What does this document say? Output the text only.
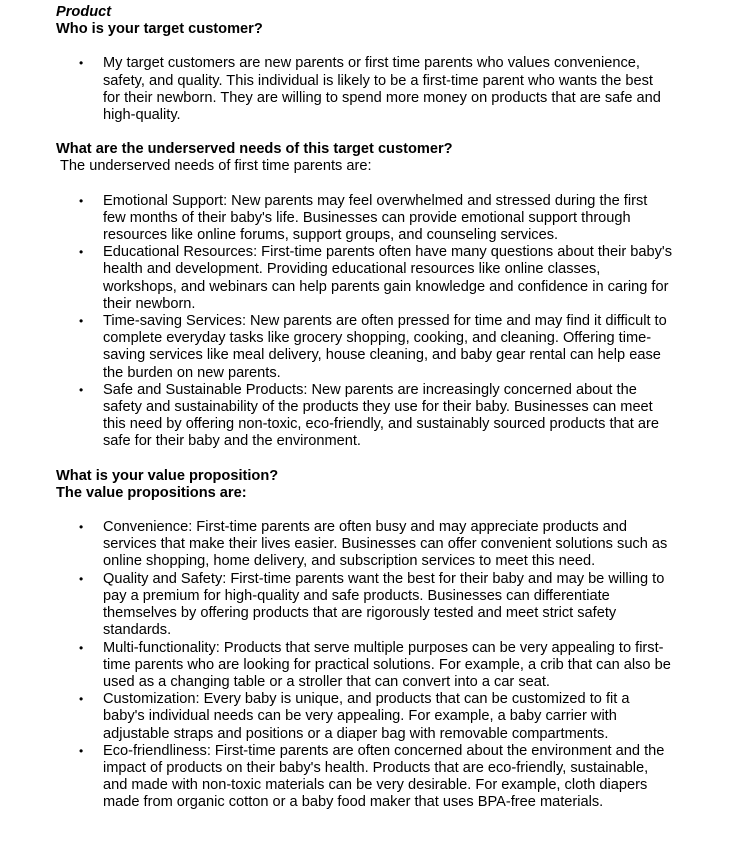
Product

Who is your target customer?

• My target customers are new parents or first time parents who values convenience, safety, and quality. This individual is likely to be a first-time parent who wants the best for their newborn. They are willing to spend more money on products that are safe and high-quality.

What are the underserved needs of this target customer?

The underserved needs of first time parents are:

• Emotional Support: New parents may feel overwhelmed and stressed during the first few months of their baby's life. Businesses can provide emotional support through resources like online forums, support groups, and counseling services.
• Educational Resources: First-time parents often have many questions about their baby's health and development. Providing educational resources like online classes, workshops, and webinars can help parents gain knowledge and confidence in caring for their newborn.
• Time-saving Services: New parents are often pressed for time and may find it difficult to complete everyday tasks like grocery shopping, cooking, and cleaning. Offering time-saving services like meal delivery, house cleaning, and baby gear rental can help ease the burden on new parents.
• Safe and Sustainable Products: New parents are increasingly concerned about the safety and sustainability of the products they use for their baby. Businesses can meet this need by offering non-toxic, eco-friendly, and sustainably sourced products that are safe for their baby and the environment.

What is your value proposition?

The value propositions are:

• Convenience: First-time parents are often busy and may appreciate products and services that make their lives easier. Businesses can offer convenient solutions such as online shopping, home delivery, and subscription services to meet this need.
• Quality and Safety: First-time parents want the best for their baby and may be willing to pay a premium for high-quality and safe products. Businesses can differentiate themselves by offering products that are rigorously tested and meet strict safety standards.
• Multi-functionality: Products that serve multiple purposes can be very appealing to first-time parents who are looking for practical solutions. For example, a crib that can also be used as a changing table or a stroller that can convert into a car seat.
• Customization: Every baby is unique, and products that can be customized to fit a baby's individual needs can be very appealing. For example, a baby carrier with adjustable straps and positions or a diaper bag with removable compartments.
• Eco-friendliness: First-time parents are often concerned about the environment and the impact of products on their baby's health. Products that are eco-friendly, sustainable, and made with non-toxic materials can be very desirable. For example, cloth diapers made from organic cotton or a baby food maker that uses BPA-free materials.
